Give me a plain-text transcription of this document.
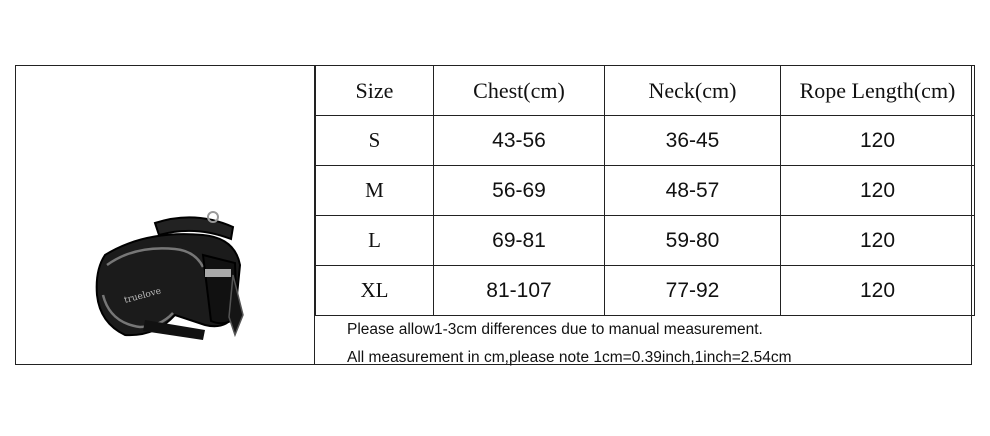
truelove
Size	Chest(cm)	Neck(cm)	Rope Length(cm)
S	43-56	36-45	120
M	56-69	48-57	120
L	69-81	59-80	120
XL	81-107	77-92	120
Please allow1-3cm differences due to manual measurement.
All measurement in cm,please note 1cm=0.39inch,1inch=2.54cm
